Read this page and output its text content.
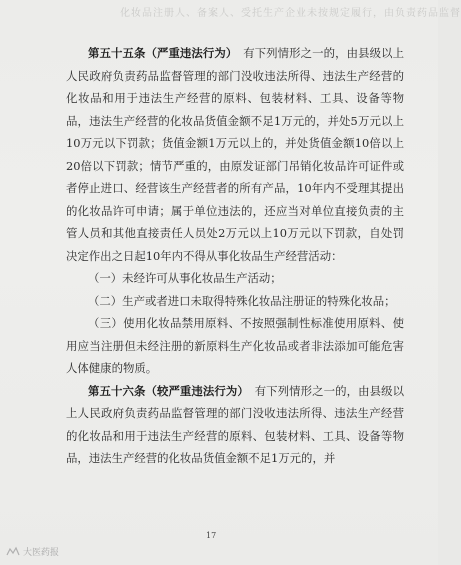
化妆品注册人、备案人、受托生产企业未按规定履行，由负责药品监督

第五十五条（严重违法行为）　 有下列情形之一的，由县级以上人民政府负责药品监督管理的部门没收违法所得、违法生产经营的化妆品和用于违法生产经营的原料、包装材料、工具、设备等物品，违法生产经营的化妆品货值金额不足1万元的，并处5万元以上10万元以下罚款；货值金额1万元以上的，并处货值金额10倍以上20倍以下罚款；情节严重的，由原发证部门吊销化妆品许可证件或者停止进口、经营该生产经营者的所有产品，10年内不受理其提出的化妆品许可申请；属于单位违法的，还应当对单位直接负责的主管人员和其他直接责任人员处2万元以上10万元以下罚款，自处罚决定作出之日起10年内不得从事化妆品生产经营活动：

（一）未经许可从事化妆品生产活动；

（二）生产或者进口未取得特殊化妆品注册证的特殊化妆品；

（三）使用化妆品禁用原料、不按照强制性标准使用原料、使用应当注册但未经注册的新原料生产化妆品或者非法添加可能危害人体健康的物质。

第五十六条（较严重违法行为）　 有下列情形之一的，由县级以上人民政府负责药品监督管理的部门没收违法所得、违法生产经营的化妆品和用于违法生产经营的原料、包装材料、工具、设备等物品，违法生产经营的化妆品货值金额不足1万元的，并

17
大医药报
